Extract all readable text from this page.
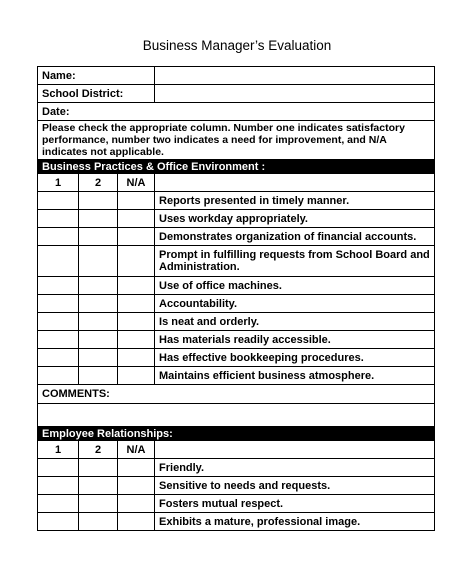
Business Manager’s Evaluation
Name:			
School District:			
Date:			
Please check the appropriate column. Number one indicates satisfactory performance, number two indicates a need for improvement, and N/A indicates not applicable.			
Business Practices & Office Environment :			
1	2	N/A	
			Reports presented in timely manner.
			Uses workday appropriately.
			Demonstrates organization of financial accounts.
			Prompt in fulfilling requests from School Board and Administration.
			Use of office machines.
			Accountability.
			Is neat and orderly.
			Has materials readily accessible.
			Has effective bookkeeping procedures.
			Maintains efficient business atmosphere.
COMMENTS:			

Employee Relationships:			
1	2	N/A	
			Friendly.
			Sensitive to needs and requests.
			Fosters mutual respect.
			Exhibits a mature, professional image.
